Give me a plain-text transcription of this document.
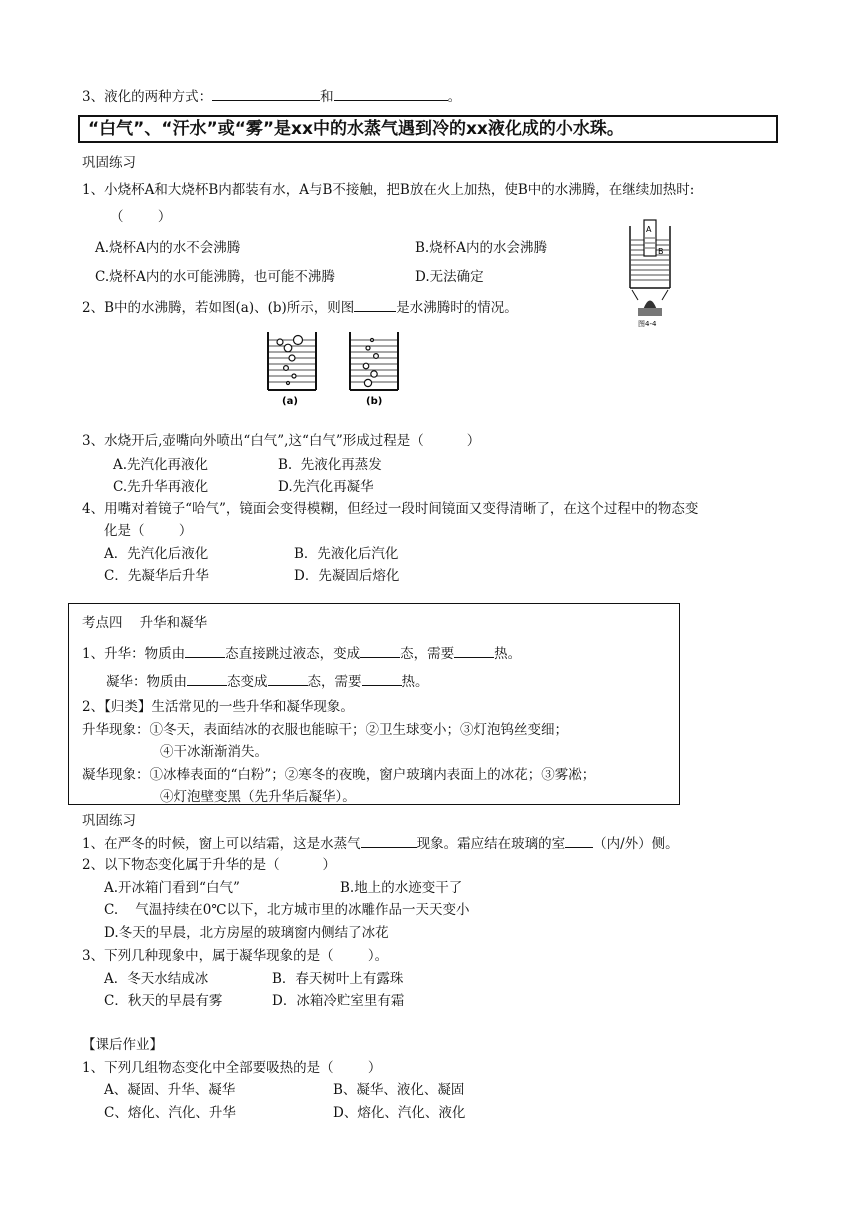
3、液化的两种方式：	和	。
“白气”、“汗水”或“雾”是xx中的水蒸气遇到冷的xx液化成的小水珠。
巩固练习
1、小烧杯A和大烧杯B内都装有水，A与B不接触，把B放在火上加热，使B中的水沸腾，在继续加热时:
（        ）
A.烧杯A内的水不会沸腾	B.烧杯A内的水会沸腾
C.烧杯A内的水可能沸腾，也可能不沸腾	D.无法确定
2、B中的水沸腾，若如图(a)、(b)所示，则图	是水沸腾时的情况。
A
B
图4-4
(a)	(b)
3、水烧开后,壶嘴向外喷出“白气”,这“白气”形成过程是（          ）
A.先汽化再液化	B.  先液化再蒸发
C.先升华再液化	D.先汽化再凝华
4、用嘴对着镜子“哈气”，镜面会变得模糊，但经过一段时间镜面又变得清晰了，在这个过程中的物态变
化是（        ）
A．先汽化后液化	B．先液化后汽化
C．先凝华后升华	D．先凝固后熔化
考点四    升华和凝华
1、升华：物质由	态直接跳过液态，变成	态，需要	热。
凝华：物质由	态变成	态，需要	热。
2、【归类】生活常见的一些升华和凝华现象。
升华现象：①冬天，表面结冰的衣服也能晾干；②卫生球变小；③灯泡钨丝变细；
④干冰渐渐消失。
凝华现象：①冰棒表面的“白粉”；②寒冬的夜晚，窗户玻璃内表面上的冰花；③雾凇；
④灯泡壁变黑（先升华后凝华）。
巩固练习
1、在严冬的时候，窗上可以结霜，这是水蒸气	现象。霜应结在玻璃的室 （内/外）侧。
2、以下物态变化属于升华的是（          ）
A.开冰箱门看到“白气”	B.地上的水迹变干了
C.    气温持续在0℃以下，北方城市里的冰雕作品一天天变小
D.冬天的早晨，北方房屋的玻璃窗内侧结了冰花
3、下列几种现象中，属于凝华现象的是（        ）。
A．冬天水结成冰	B．春天树叶上有露珠
C．秋天的早晨有雾	D．冰箱冷贮室里有霜
【课后作业】
1、下列几组物态变化中全部要吸热的是（        ）
A、凝固、升华、凝华	B、凝华、液化、凝固
C、熔化、汽化、升华	D、熔化、汽化、液化
